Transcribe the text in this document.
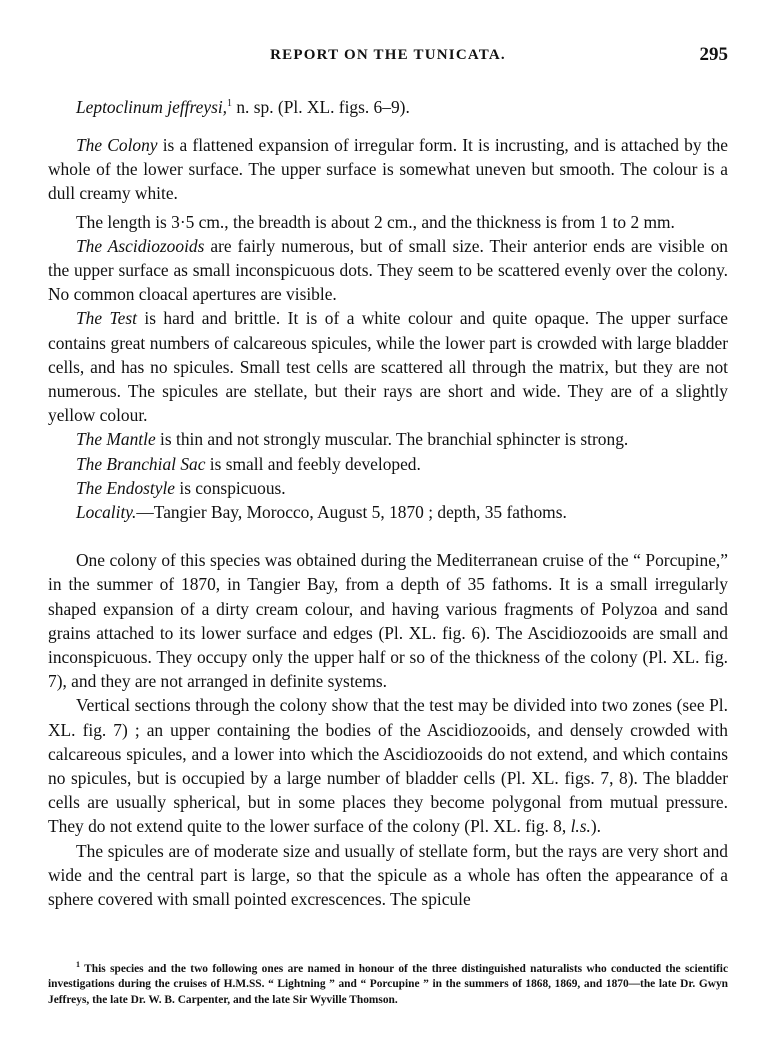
REPORT ON THE TUNICATA.	295

Leptoclinum jeffreysi,$^1$ n. sp. (Pl. XL. figs. 6–9).

The Colony is a flattened expansion of irregular form. It is incrusting, and is attached by the whole of the lower surface. The upper surface is somewhat uneven but smooth. The colour is a dull creamy white.

The length is 3·5 cm., the breadth is about 2 cm., and the thickness is from 1 to 2 mm.

The Ascidiozooids are fairly numerous, but of small size. Their anterior ends are visible on the upper surface as small inconspicuous dots. They seem to be scattered evenly over the colony. No common cloacal apertures are visible.

The Test is hard and brittle. It is of a white colour and quite opaque. The upper surface contains great numbers of calcareous spicules, while the lower part is crowded with large bladder cells, and has no spicules. Small test cells are scattered all through the matrix, but they are not numerous. The spicules are stellate, but their rays are short and wide. They are of a slightly yellow colour.

The Mantle is thin and not strongly muscular. The branchial sphincter is strong.

The Branchial Sac is small and feebly developed.

The Endostyle is conspicuous.

Locality.—Tangier Bay, Morocco, August 5, 1870 ; depth, 35 fathoms.

One colony of this species was obtained during the Mediterranean cruise of the “ Porcupine,” in the summer of 1870, in Tangier Bay, from a depth of 35 fathoms. It is a small irregularly shaped expansion of a dirty cream colour, and having various fragments of Polyzoa and sand grains attached to its lower surface and edges (Pl. XL. fig. 6). The Ascidiozooids are small and inconspicuous. They occupy only the upper half or so of the thickness of the colony (Pl. XL. fig. 7), and they are not arranged in definite systems.

Vertical sections through the colony show that the test may be divided into two zones (see Pl. XL. fig. 7) ; an upper containing the bodies of the Ascidiozooids, and densely crowded with calcareous spicules, and a lower into which the Ascidiozooids do not extend, and which contains no spicules, but is occupied by a large number of bladder cells (Pl. XL. figs. 7, 8). The bladder cells are usually spherical, but in some places they become polygonal from mutual pressure. They do not extend quite to the lower surface of the colony (Pl. XL. fig. 8, l.s.).

The spicules are of moderate size and usually of stellate form, but the rays are very short and wide and the central part is large, so that the spicule as a whole has often the appearance of a sphere covered with small pointed excrescences. The spicule

$^1$ This species and the two following ones are named in honour of the three distinguished naturalists who conducted the scientific investigations during the cruises of H.M.SS. “ Lightning ” and “ Porcupine ” in the summers of 1868, 1869, and 1870—the late Dr. Gwyn Jeffreys, the late Dr. W. B. Carpenter, and the late Sir Wyville Thomson.
